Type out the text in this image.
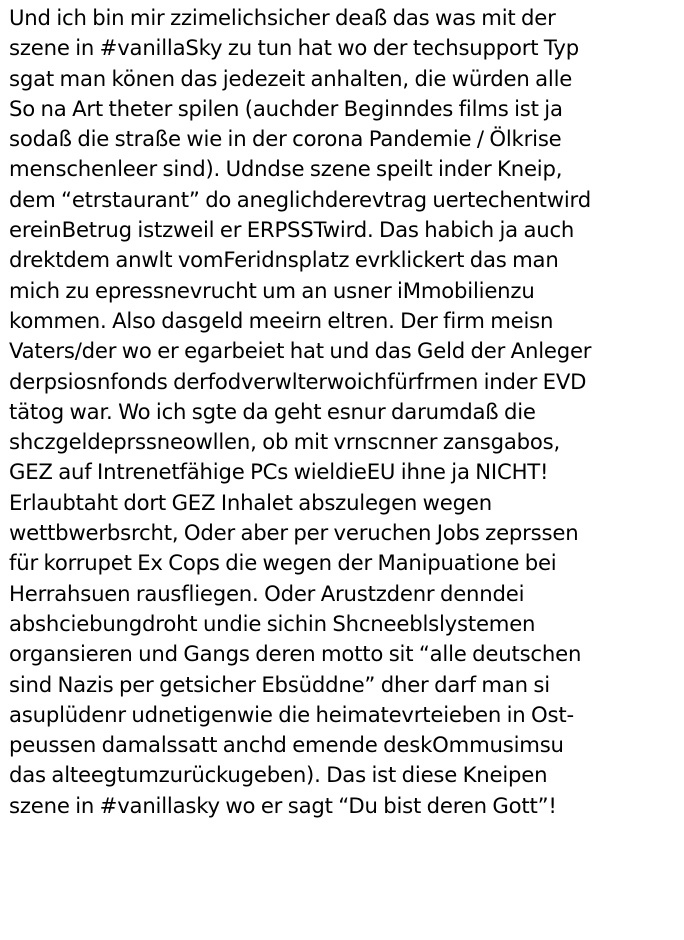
Und ich bin mir zzimelichsicher deaß das was mit der
szene in #vanillaSky zu tun hat wo der techsupport Typ
sgat man könen das jedezeit anhalten, die würden alle
So na Art theter spilen (auchder Beginndes films ist ja
sodaß die straße wie in der corona Pandemie / Ölkrise
menschenleer sind). Udndse szene speilt inder Kneip,
dem “etrstaurant” do aneglichderevtrag uertechentwird
ereinBetrug istzweil er ERPSSTwird. Das habich ja auch
drektdem anwlt vomFeridnsplatz evrklickert das man
mich zu epressnevrucht um an usner iMmobilienzu
kommen. Also dasgeld meeirn eltren. Der firm meisn
Vaters/der wo er egarbeiet hat und das Geld der Anleger
derpsiosnfonds derfodverwlterwoichfürfrmen inder EVD
tätog war. Wo ich sgte da geht esnur darumdaß die
shczgeldeprssneowllen, ob mit vrnscnner zansgabos,
GEZ auf Intrenetfähige PCs wieldieEU ihne ja NICHT!
Erlaubtaht dort GEZ Inhalet abszulegen wegen
wettbwerbsrcht, Oder aber per veruchen Jobs zeprssen
für korrupet Ex Cops die wegen der Manipuatione bei
Herrahsuen rausfliegen. Oder Arustzdenr denndei
abshciebungdroht undie sichin Shcneeblslystemen
organsieren und Gangs deren motto sit “alle deutschen
sind Nazis per getsicher Ebsüddne” dher darf man si
asuplüdenr udnetigenwie die heimatevrteieben in Ost-
peussen damalssatt anchd emende deskOmmusimsu
das alteegtumzurückugeben). Das ist diese Kneipen
szene in #vanillasky wo er sagt “Du bist deren Gott”!
